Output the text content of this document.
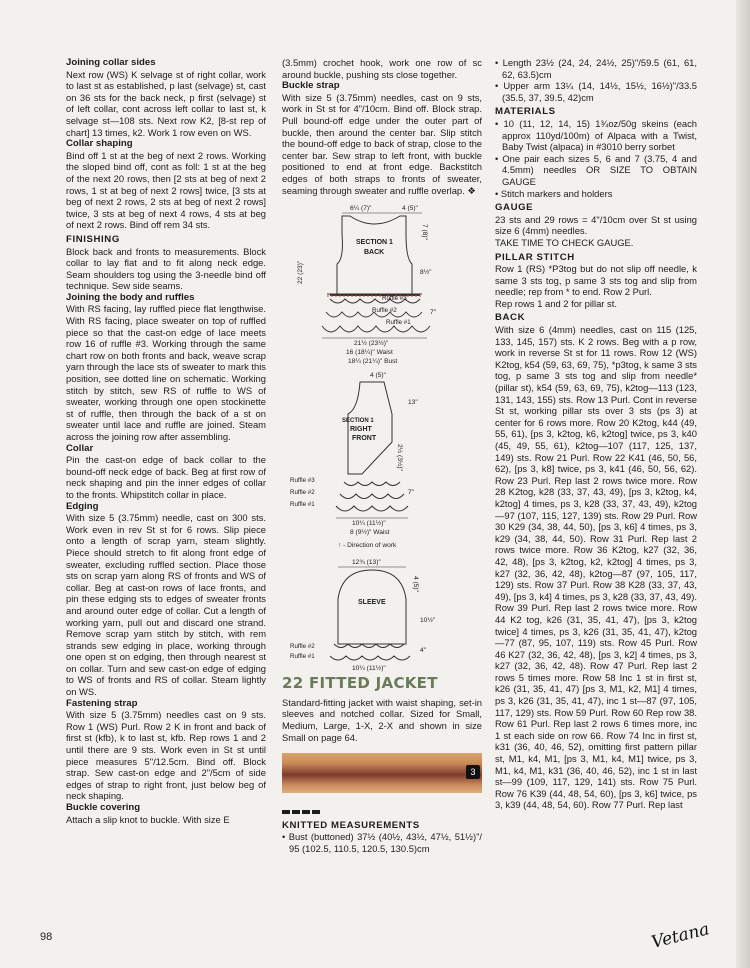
Joining collar sides

Next row (WS) K selvage st of right collar, work to last st as established, p last (selvage) st, cast on 36 sts for the back neck, p first (selvage) st of left collar, cont across left collar to last st, k selvage st—108 sts. Next row K2, [8-st rep of chart] 13 times, k2. Work 1 row even on WS.

Collar shaping

Bind off 1 st at the beg of next 2 rows. Working the sloped bind off, cont as foll: 1 st at the beg of the next 20 rows, then [2 sts at beg of next 2 rows, 1 st at beg of next 2 rows] twice, [3 sts at beg of next 2 rows, 2 sts at beg of next 2 rows] twice, 3 sts at beg of next 4 rows, 4 sts at beg of next 2 rows. Bind off rem 34 sts.

FINISHING

Block back and fronts to measurements. Block collar to lay flat and to fit along neck edge. Seam shoulders tog using the 3-needle bind off technique. Sew side seams.

Joining the body and ruffles

With RS facing, lay ruffled piece flat lengthwise. With RS facing, place sweater on top of ruffled piece so that the cast-on edge of lace meets row 16 of ruffle #3. Working through the same chart row on both fronts and back, weave scrap yarn through the lace sts of sweater to mark this position, see dotted line on schematic. Working stitch by stitch, sew RS of ruffle to WS of sweater, working through one open stockinette st of ruffle, then through the back of a st on sweater until lace and ruffle are joined. Steam across the joining row after assembling.

Collar

Pin the cast-on edge of back collar to the bound-off neck edge of back. Beg at first row of neck shaping and pin the inner edges of collar to the fronts. Whipstitch collar in place.

Edging

With size 5 (3.75mm) needle, cast on 300 sts. Work even in rev St st for 6 rows. Slip piece onto a length of scrap yarn, steam slightly. Piece should stretch to fit along front edge of sweater, excluding ruffled section. Place those sts on scrap yarn along RS of fronts and WS of collar. Beg at cast-on rows of lace fronts, and pin these edging sts to edges of sweater fronts and around outer edge of collar. Cut a length of working yarn, pull out and discard one strand. Remove scrap yarn stitch by stitch, with rem strands sew edging in place, working through one open st on edging, then through nearest st on collar. Turn and sew cast-on edge of edging to WS of fronts and RS of collar. Steam lightly on WS.

Fastening strap

With size 5 (3.75mm) needles cast on 9 sts. Row 1 (WS) Purl. Row 2 K in front and back of first st (kfb), k to last st, kfb. Rep rows 1 and 2 until there are 9 sts. Work even in St st until piece measures 5"/12.5cm. Bind off. Block strap. Sew cast-on edge and 2"/5cm of side edges of strap to right front, just below beg of neck shaping.

Buckle covering

Attach a slip knot to buckle. With size E

(3.5mm) crochet hook, work one row of sc around buckle, pushing sts close together.

Buckle strap

With size 5 (3.75mm) needles, cast on 9 sts, work in St st for 4"/10cm. Bind off. Block strap. Pull bound-off edge under the outer part of buckle, then around the center bar. Slip stitch the bound-off edge to back of strap, close to the center bar. Sew strap to left front, with buckle positioned to end at front edge. Backstitch edges of both straps to fronts of sweater, seaming through sweater and ruffle overlap. ❖

6¼ (7)"	4 (5)"
SECTION 1
BACK
7 (8)"
8½"
7"
22 (23)"
Ruffle #3
Ruffle #2
Ruffle #1
21½ (23½)"
16 (18¼)" Waist
18¼ (21¼)" Bust
4 (5)"
SECTION 1
RIGHT
FRONT
13"
2½ (3½)"
7"
Ruffle #3
Ruffle #2
Ruffle #1
10¼ (11½)"
8 (9½)" Waist
↑ - Direction of work
12¾ (13)"
SLEEVE
4 (5)"
10½"
4"
Ruffle #2
Ruffle #1
10¼ (11½)"

22 FITTED JACKET

Standard-fitting jacket with waist shaping, set-in sleeves and notched collar. Sized for Small, Medium, Large, 1-X, 2-X and shown in size Small on page 64.

3

KNITTED MEASUREMENTS

• Bust (buttoned) 37½ (40½, 43½, 47½, 51½)"/ 95 (102.5, 110.5, 120.5, 130.5)cm

• Length 23½ (24, 24, 24½, 25)"/59.5 (61, 61, 62, 63.5)cm

• Upper arm 13¼ (14, 14½, 15½, 16½)"/33.5 (35.5, 37, 39.5, 42)cm

MATERIALS

• 10 (11, 12, 14, 15) 1¾oz/50g skeins (each approx 110yd/100m) of Alpaca with a Twist, Baby Twist (alpaca) in #3010 berry sorbet

• One pair each sizes 5, 6 and 7 (3.75, 4 and 4.5mm) needles OR SIZE TO OBTAIN GAUGE

• Stitch markers and holders

GAUGE

23 sts and 29 rows = 4"/10cm over St st using size 6 (4mm) needles.

TAKE TIME TO CHECK GAUGE.

PILLAR STITCH

Row 1 (RS) *P3tog but do not slip off needle, k same 3 sts tog, p same 3 sts tog and slip from needle; rep from * to end. Row 2 Purl.

Rep rows 1 and 2 for pillar st.

BACK

With size 6 (4mm) needles, cast on 115 (125, 133, 145, 157) sts. K 2 rows. Beg with a p row, work in reverse St st for 11 rows. Row 12 (WS) K2tog, k54 (59, 63, 69, 75), *p3tog, k same 3 sts tog, p same 3 sts tog and slip from needle* (pillar st), k54 (59, 63, 69, 75), k2tog—113 (123, 131, 143, 155) sts. Row 13 Purl. Cont in reverse St st, working pillar sts over 3 sts (ps 3) at center for 6 rows more. Row 20 K2tog, k44 (49, 55, 61), [ps 3, k2tog, k6, k2tog] twice, ps 3, k40 (45, 49, 55, 61), k2tog—107 (117, 125, 137, 149) sts. Row 21 Purl. Row 22 K41 (46, 50, 56, 62), [ps 3, k8] twice, ps 3, k41 (46, 50, 56, 62). Row 23 Purl. Rep last 2 rows twice more. Row 28 K2tog, k28 (33, 37, 43, 49), [ps 3, k2tog, k4, k2tog] 4 times, ps 3, k28 (33, 37, 43, 49), k2tog—97 (107, 115, 127, 139) sts. Row 29 Purl. Row 30 K29 (34, 38, 44, 50), [ps 3, k6] 4 times, ps 3, k29 (34, 38, 44, 50). Row 31 Purl. Rep last 2 rows twice more. Row 36 K2tog, k27 (32, 36, 42, 48), [ps 3, k2tog, k2, k2tog] 4 times, ps 3, k27 (32, 36, 42, 48), k2tog—87 (97, 105, 117, 129) sts. Row 37 Purl. Row 38 K28 (33, 37, 43, 49), [ps 3, k4] 4 times, ps 3, k28 (33, 37, 43, 49). Row 39 Purl. Rep last 2 rows twice more. Row 44 K2 tog, k26 (31, 35, 41, 47), [ps 3, k2tog twice] 4 times, ps 3, k26 (31, 35, 41, 47), k2tog—77 (87, 95, 107, 119) sts. Row 45 Purl. Row 46 K27 (32, 36, 42, 48), [ps 3, k2] 4 times, ps 3, k27 (32, 36, 42, 48). Row 47 Purl. Rep last 2 rows 5 times more. Row 58 Inc 1 st in first st, k26 (31, 35, 41, 47) [ps 3, M1, k2, M1] 4 times, ps 3, k26 (31, 35, 41, 47), inc 1 st—87 (97, 105, 117, 129) sts. Row 59 Purl. Row 60 Rep row 38. Row 61 Purl. Rep last 2 rows 6 times more, inc 1 st each side on row 66. Row 74 Inc in first st, k31 (36, 40, 46, 52), omitting first pattern pillar st, M1, k4, M1, [ps 3, M1, k4, M1] twice, ps 3, M1, k4, M1, k31 (36, 40, 46, 52), inc 1 st in last st—99 (109, 117, 129, 141) sts. Row 75 Purl. Row 76 K39 (44, 48, 54, 60), [ps 3, k6] twice, ps 3, k39 (44, 48, 54, 60). Row 77 Purl. Rep last

98	Vetana
